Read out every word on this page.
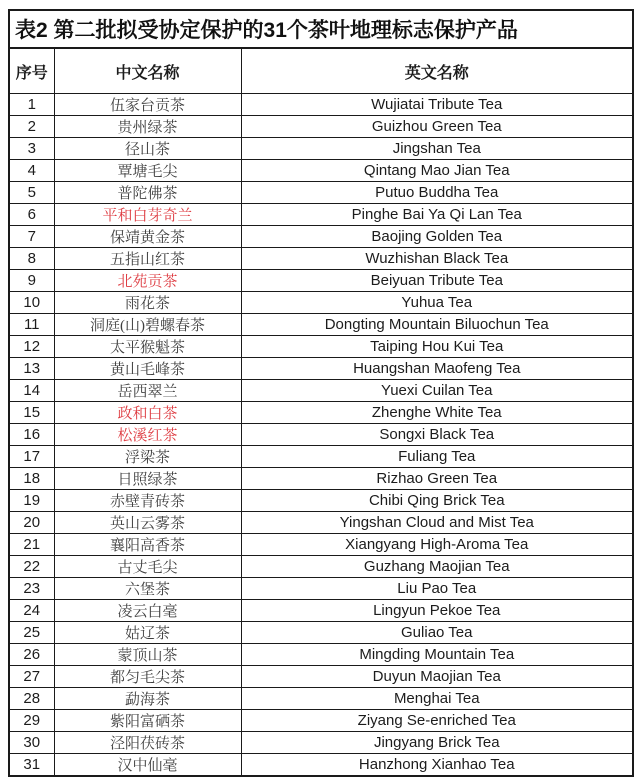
表2 第二批拟受协定保护的31个茶叶地理标志保护产品		
序号	中文名称	英文名称
1	伍家台贡茶	Wujiatai Tribute Tea
2	贵州绿茶	Guizhou Green Tea
3	径山茶	Jingshan Tea
4	覃塘毛尖	Qintang Mao Jian Tea
5	普陀佛茶	Putuo Buddha Tea
6	平和白芽奇兰	Pinghe Bai Ya Qi Lan Tea
7	保靖黄金茶	Baojing Golden Tea
8	五指山红茶	Wuzhishan Black Tea
9	北苑贡茶	Beiyuan Tribute Tea
10	雨花茶	Yuhua Tea
11	洞庭(山)碧螺春茶	Dongting Mountain Biluochun Tea
12	太平猴魁茶	Taiping Hou Kui Tea
13	黄山毛峰茶	Huangshan Maofeng Tea
14	岳西翠兰	Yuexi Cuilan Tea
15	政和白茶	Zhenghe White Tea
16	松溪红茶	Songxi Black Tea
17	浮梁茶	Fuliang Tea
18	日照绿茶	Rizhao Green Tea
19	赤壁青砖茶	Chibi Qing Brick Tea
20	英山云雾茶	Yingshan Cloud and Mist Tea
21	襄阳高香茶	Xiangyang High-Aroma Tea
22	古丈毛尖	Guzhang Maojian Tea
23	六堡茶	Liu Pao Tea
24	凌云白毫	Lingyun Pekoe Tea
25	姑辽茶	Guliao Tea
26	蒙顶山茶	Mingding Mountain Tea
27	都匀毛尖茶	Duyun Maojian Tea
28	勐海茶	Menghai Tea
29	紫阳富硒茶	Ziyang Se-enriched Tea
30	泾阳茯砖茶	Jingyang Brick Tea
31	汉中仙毫	Hanzhong Xianhao Tea
